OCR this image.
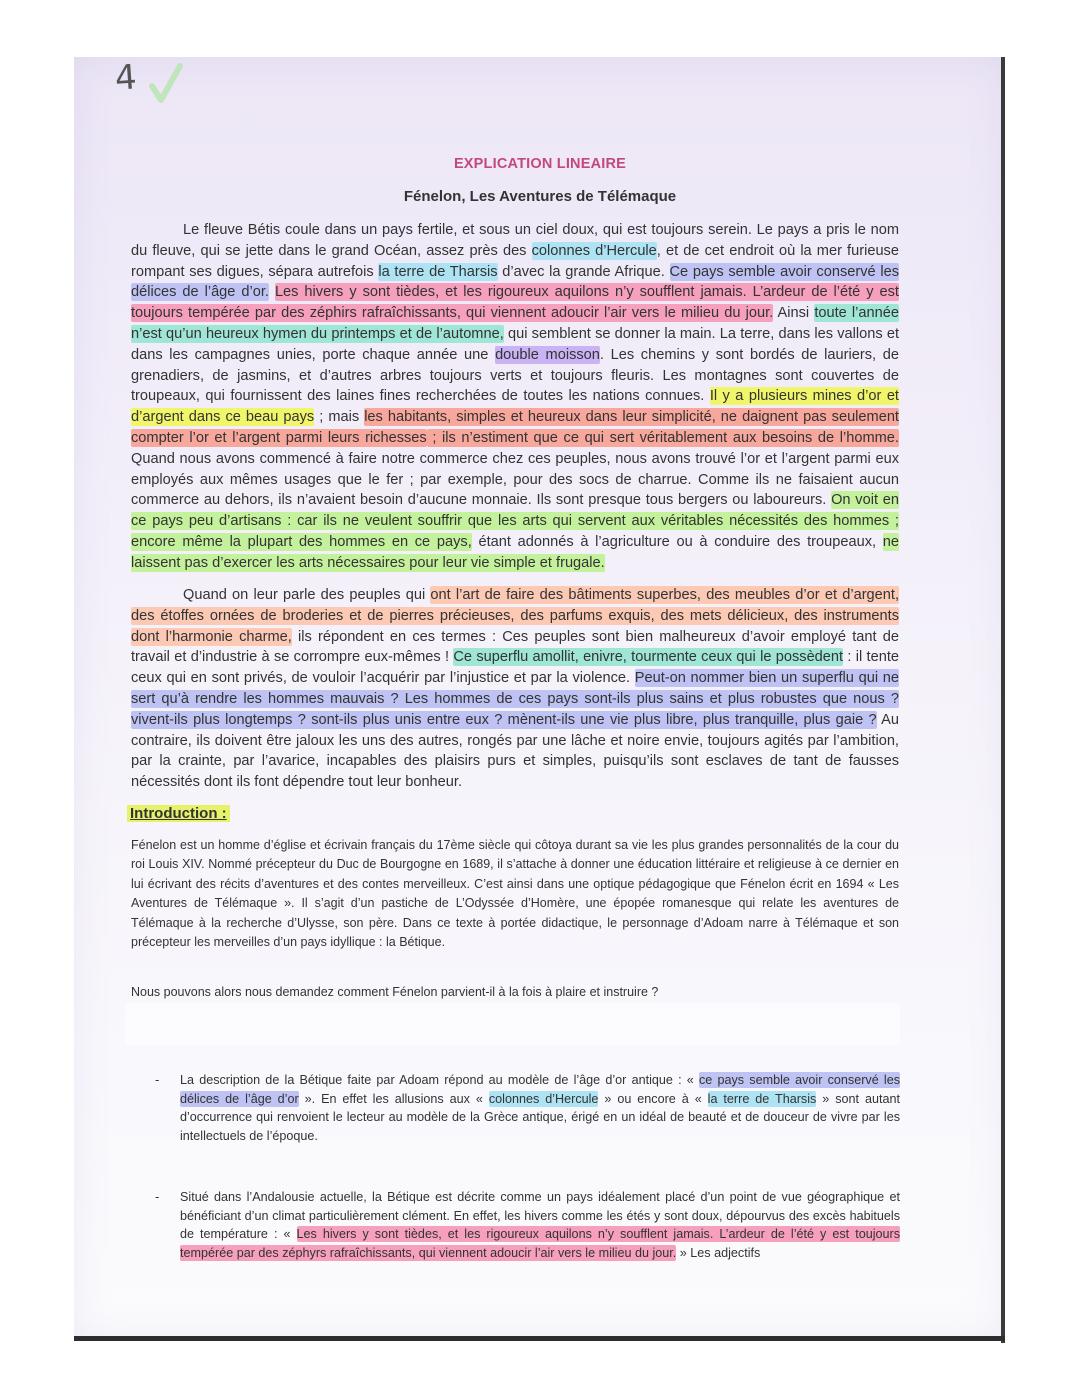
4
EXPLICATION LINEAIRE
Fénelon, Les Aventures de Télémaque
Le fleuve Bétis coule dans un pays fertile, et sous un ciel doux, qui est toujours serein. Le pays a pris le nom du fleuve, qui se jette dans le grand Océan, assez près des colonnes d’Hercule, et de cet endroit où la mer furieuse rompant ses digues, sépara autrefois la terre de Tharsis d’avec la grande Afrique. Ce pays semble avoir conservé les délices de l’âge d’or. Les hivers y sont tièdes, et les rigoureux aquilons n’y soufflent jamais. L’ardeur de l’été y est toujours tempérée par des zéphirs rafraîchissants, qui viennent adoucir l’air vers le milieu du jour. Ainsi toute l’année n’est qu’un heureux hymen du printemps et de l’automne, qui semblent se donner la main. La terre, dans les vallons et dans les campagnes unies, porte chaque année une double moisson. Les chemins y sont bordés de lauriers, de grenadiers, de jasmins, et d’autres arbres toujours verts et toujours fleuris. Les montagnes sont couvertes de troupeaux, qui fournissent des laines fines recherchées de toutes les nations connues. Il y a plusieurs mines d’or et d’argent dans ce beau pays ; mais les habitants, simples et heureux dans leur simplicité, ne daignent pas seulement compter l’or et l’argent parmi leurs richesses ; ils n’estiment que ce qui sert véritablement aux besoins de l’homme. Quand nous avons commencé à faire notre commerce chez ces peuples, nous avons trouvé l’or et l’argent parmi eux employés aux mêmes usages que le fer ; par exemple, pour des socs de charrue. Comme ils ne faisaient aucun commerce au dehors, ils n’avaient besoin d’aucune monnaie. Ils sont presque tous bergers ou laboureurs. On voit en ce pays peu d’artisans : car ils ne veulent souffrir que les arts qui servent aux véritables nécessités des hommes ; encore même la plupart des hommes en ce pays, étant adonnés à l’agriculture ou à conduire des troupeaux, ne laissent pas d’exercer les arts nécessaires pour leur vie simple et frugale.
Quand on leur parle des peuples qui ont l’art de faire des bâtiments superbes, des meubles d’or et d’argent, des étoffes ornées de broderies et de pierres précieuses, des parfums exquis, des mets délicieux, des instruments dont l’harmonie charme, ils répondent en ces termes : Ces peuples sont bien malheureux d’avoir employé tant de travail et d’industrie à se corrompre eux-mêmes ! Ce superflu amollit, enivre, tourmente ceux qui le possèdent : il tente ceux qui en sont privés, de vouloir l’acquérir par l’injustice et par la violence. Peut-on nommer bien un superflu qui ne sert qu’à rendre les hommes mauvais ? Les hommes de ces pays sont-ils plus sains et plus robustes que nous ? vivent-ils plus longtemps ? sont-ils plus unis entre eux ? mènent-ils une vie plus libre, plus tranquille, plus gaie ? Au contraire, ils doivent être jaloux les uns des autres, rongés par une lâche et noire envie, toujours agités par l’ambition, par la crainte, par l’avarice, incapables des plaisirs purs et simples, puisqu’ils sont esclaves de tant de fausses nécessités dont ils font dépendre tout leur bonheur.
Introduction :
Fénelon est un homme d’église et écrivain français du 17ème siècle qui côtoya durant sa vie les plus grandes personnalités de la cour du roi Louis XIV. Nommé précepteur du Duc de Bourgogne en 1689, il s’attache à donner une éducation littéraire et religieuse à ce dernier en lui écrivant des récits d’aventures et des contes merveilleux. C’est ainsi dans une optique pédagogique que Fénelon écrit en 1694 « Les Aventures de Télémaque ». Il s’agit d’un pastiche de L’Odyssée d’Homère, une épopée romanesque qui relate les aventures de Télémaque à la recherche d’Ulysse, son père. Dans ce texte à portée didactique, le personnage d’Adoam narre à Télémaque et son précepteur les merveilles d’un pays idyllique : la Bétique.
Nous pouvons alors nous demandez comment Fénelon parvient-il à la fois à plaire et instruire ?
- La description de la Bétique faite par Adoam répond au modèle de l’âge d’or antique : « ce pays semble avoir conservé les délices de l’âge d’or ». En effet les allusions aux « colonnes d’Hercule » ou encore à « la terre de Tharsis » sont autant d’occurrence qui renvoient le lecteur au modèle de la Grèce antique, érigé en un idéal de beauté et de douceur de vivre par les intellectuels de l’époque.
- Situé dans l’Andalousie actuelle, la Bétique est décrite comme un pays idéalement placé d’un point de vue géographique et bénéficiant d’un climat particulièrement clément. En effet, les hivers comme les étés y sont doux, dépourvus des excès habituels de température : « Les hivers y sont tièdes, et les rigoureux aquilons n’y soufflent jamais. L’ardeur de l’été y est toujours tempérée par des zéphyrs rafraîchissants, qui viennent adoucir l’air vers le milieu du jour. » Les adjectifs
